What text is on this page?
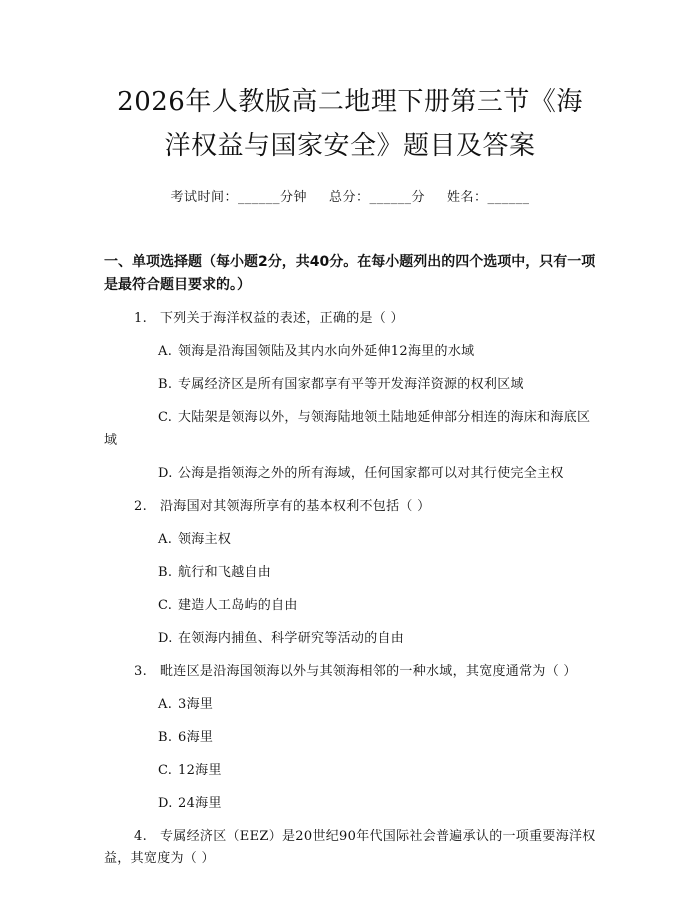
2026年人教版高二地理下册第三节《海洋权益与国家安全》题目及答案
考试时间：______分钟 总分：______分 姓名：______
一、单项选择题（每小题2分，共40分。在每小题列出的四个选项中，只有一项是最符合题目要求的。）
1. 下列关于海洋权益的表述，正确的是（ ）
A. 领海是沿海国领陆及其内水向外延伸12海里的水域
B. 专属经济区是所有国家都享有平等开发海洋资源的权利区域
C. 大陆架是领海以外，与领海陆地领土陆地延伸部分相连的海床和海底区域
D. 公海是指领海之外的所有海域，任何国家都可以对其行使完全主权
2. 沿海国对其领海所享有的基本权利不包括（ ）
A. 领海主权
B. 航行和飞越自由
C. 建造人工岛屿的自由
D. 在领海内捕鱼、科学研究等活动的自由
3. 毗连区是沿海国领海以外与其领海相邻的一种水域，其宽度通常为（ ）
A. 3海里
B. 6海里
C. 12海里
D. 24海里
4. 专属经济区（EEZ）是20世纪90年代国际社会普遍承认的一项重要海洋权益，其宽度为（ ）
